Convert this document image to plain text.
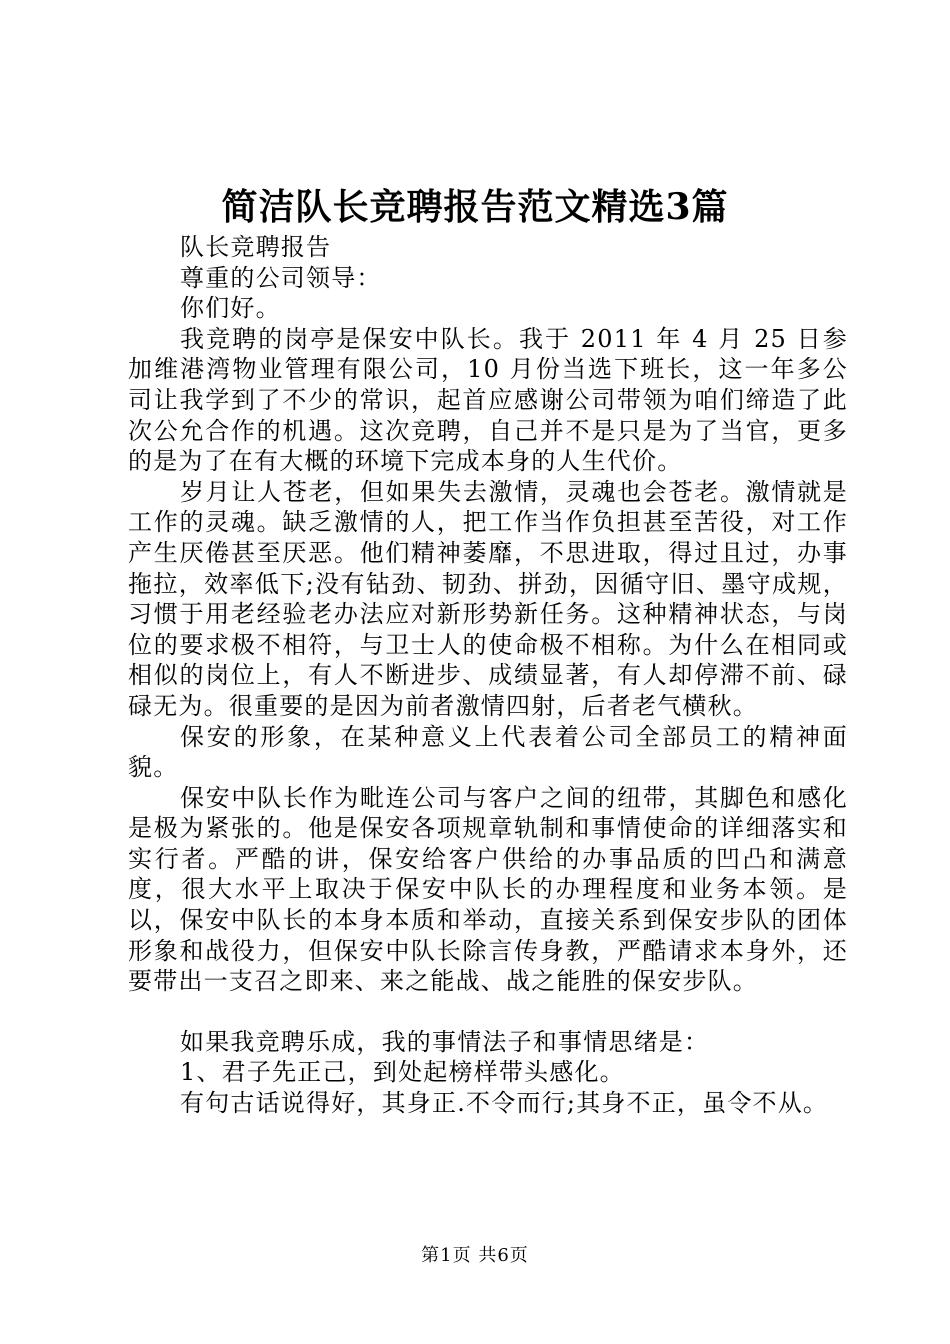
简洁队长竞聘报告范文精选3篇

队长竞聘报告

尊重的公司领导：

你们好。

我竞聘的岗亭是保安中队长。我于 2011 年 4 月 25 日参加维港湾物业管理有限公司，10 月份当选下班长，这一年多公司让我学到了不少的常识，起首应感谢公司带领为咱们缔造了此次公允合作的机遇。这次竞聘，自己并不是只是为了当官，更多的是为了在有大概的环境下完成本身的人生代价。

岁月让人苍老，但如果失去激情，灵魂也会苍老。激情就是工作的灵魂。缺乏激情的人，把工作当作负担甚至苦役，对工作产生厌倦甚至厌恶。他们精神萎靡，不思进取，得过且过，办事拖拉，效率低下;没有钻劲、韧劲、拼劲，因循守旧、墨守成规，习惯于用老经验老办法应对新形势新任务。这种精神状态，与岗位的要求极不相符，与卫士人的使命极不相称。为什么在相同或相似的岗位上，有人不断进步、成绩显著，有人却停滞不前、碌碌无为。很重要的是因为前者激情四射，后者老气横秋。

保安的形象，在某种意义上代表着公司全部员工的精神面貌。

保安中队长作为毗连公司与客户之间的纽带，其脚色和感化是极为紧张的。他是保安各项规章轨制和事情使命的详细落实和实行者。严酷的讲，保安给客户供给的办事品质的凹凸和满意度，很大水平上取决于保安中队长的办理程度和业务本领。是以，保安中队长的本身本质和举动，直接关系到保安步队的团体形象和战役力，但保安中队长除言传身教，严酷请求本身外，还要带出一支召之即来、来之能战、战之能胜的保安步队。

如果我竞聘乐成，我的事情法子和事情思绪是：

1、君子先正己，到处起榜样带头感化。

有句古话说得好，其身正.不令而行;其身不正，虽令不从。

第1页 共6页
